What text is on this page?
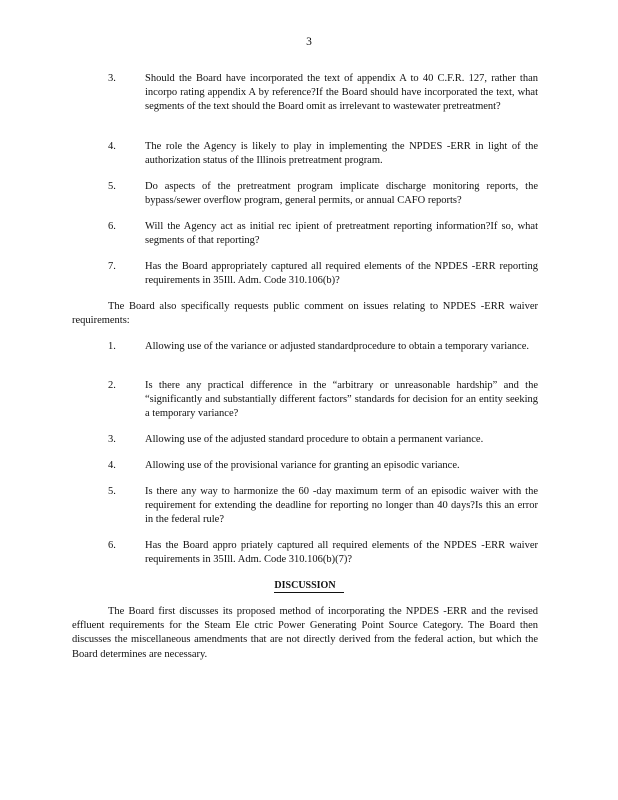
3
3.	Should the Board have incorporated the text of appendix A to 40 C.F.R. 127, rather than incorpo rating appendix A by reference?If the Board should have incorporated the text, what segments of the text should the Board omit as irrelevant to wastewater pretreatment?
4.	The role the Agency is likely to play in implementing the NPDES -ERR in light of the authorization status of the Illinois pretreatment program.
5.	Do aspects of the pretreatment program implicate discharge monitoring reports, the bypass/sewer overflow program, general permits, or annual CAFO reports?
6.	Will the Agency act as initial rec ipient of pretreatment reporting information?If so, what segments of that reporting?
7.	Has the Board appropriately captured all required elements of the NPDES -ERR reporting requirements in 35Ill. Adm. Code 310.106(b)?
The Board also specifically requests public comment on issues relating to NPDES -ERR waiver requirements:
1.	Allowing use of the variance or adjusted standardprocedure to obtain a temporary variance.
2.	Is there any practical difference in the “arbitrary or unreasonable hardship” and the “significantly and substantially different factors” standards for decision for an entity seeking a temporary variance?
3.	Allowing use of the adjusted standard procedure to obtain a permanent variance.
4.	Allowing use of the provisional variance for granting an episodic variance.
5.	Is there any way to harmonize the 60 -day maximum term of an episodic waiver with the requirement for extending the deadline for reporting no longer than 40 days?Is this an error in the federal rule?
6.	Has the Board appro priately captured all required elements of the NPDES -ERR waiver requirements in 35Ill. Adm. Code 310.106(b)(7)?
DISCUSSION
The Board first discusses its proposed method of incorporating the NPDES -ERR and the revised effluent requirements for the Steam Ele ctric Power Generating Point Source Category. The Board then discusses the miscellaneous amendments that are not directly derived from the federal action, but which the Board determines are necessary.
